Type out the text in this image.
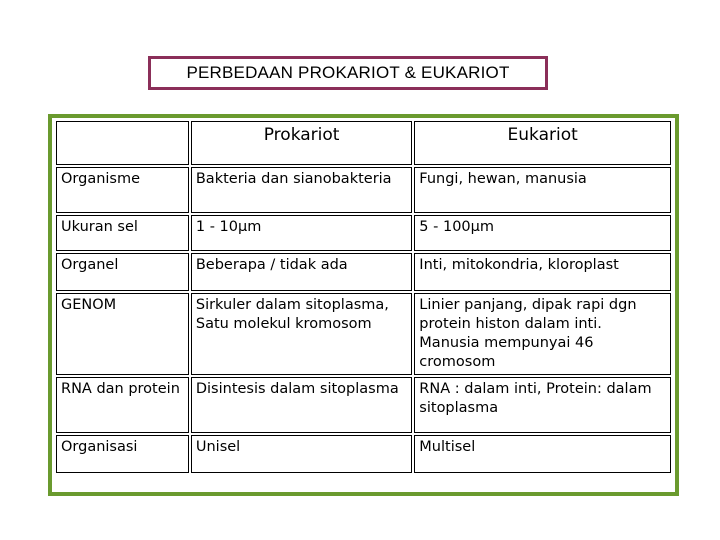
PERBEDAAN PROKARIOT & EUKARIOT
	Prokariot	Eukariot
Organisme	Bakteria dan sianobakteria	Fungi, hewan, manusia
Ukuran sel	1 - 10μm	5 - 100μm
Organel	Beberapa / tidak ada	Inti, mitokondria, kloroplast
GENOM	Sirkuler dalam sitoplasma, Satu molekul kromosom	Linier panjang, dipak rapi dgn protein histon dalam inti. Manusia mempunyai 46 cromosom
RNA dan protein	Disintesis dalam sitoplasma	RNA : dalam inti, Protein: dalam sitoplasma
Organisasi	Unisel	Multisel
